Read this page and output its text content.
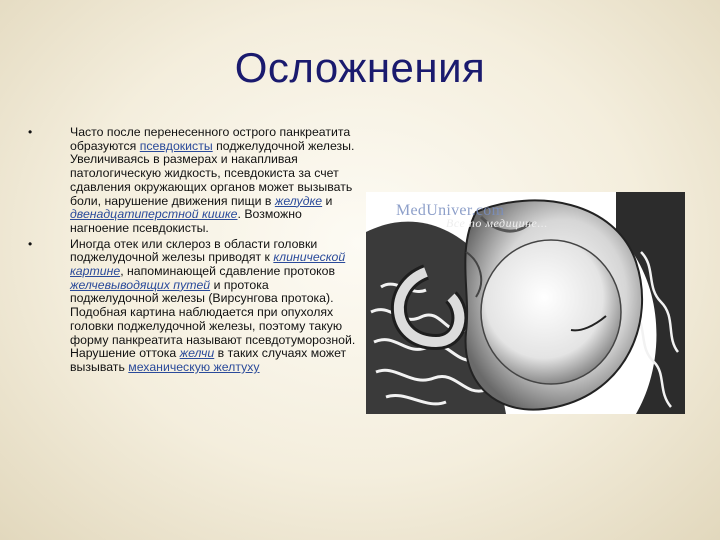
Осложнения
•	Часто после перенесенного острого панкреатита образуются псевдокисты поджелудочной железы. Увеличиваясь в размерах и накапливая патологическую жидкость, псевдокиста за счет сдавления окружающих органов может вызывать боли, нарушение движения пищи в желудке и двенадцатиперстной кишке. Возможно нагноение псевдокисты.
•	Иногда отек или склероз в области головки поджелудочной железы приводят к клинической картине, напоминающей сдавление протоков желчевыводящих путей и протока поджелудочной железы (Вирсунгова протока). Подобная картина наблюдается при опухолях головки поджелудочной железы, поэтому такую форму панкреатита называют псевдотуморозной. Нарушение оттока желчи в таких случаях может вызывать механическую желтуху
MedUniver.com
Все по медицине...
